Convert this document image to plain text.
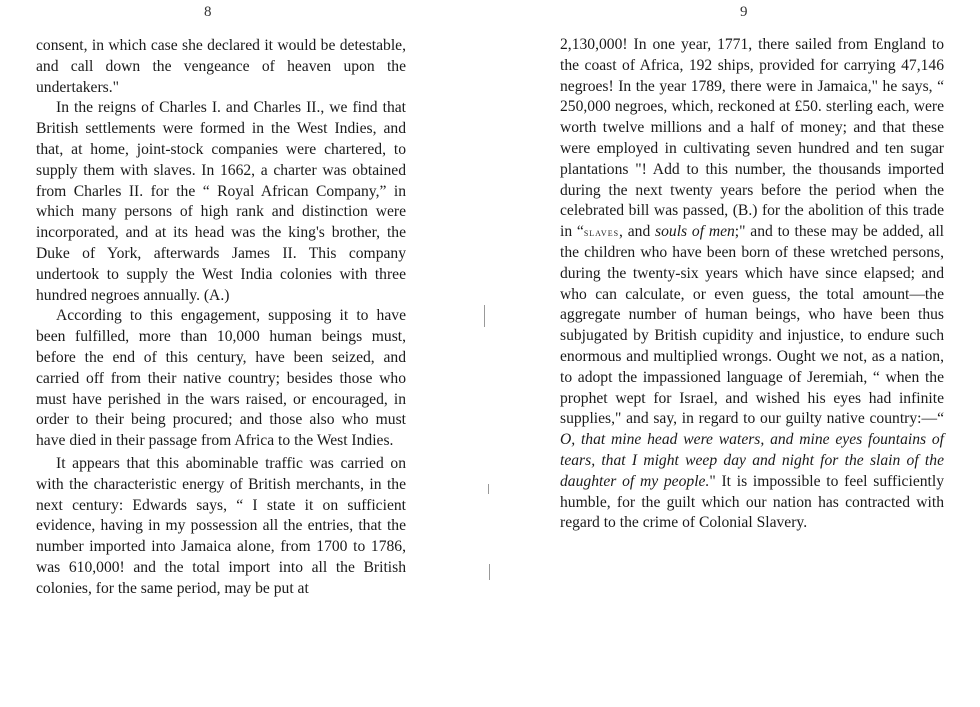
8

consent, in which case she declared it would be detestable, and call down the vengeance of heaven upon the undertakers."

In the reigns of Charles I. and Charles II., we find that British settlements were formed in the West Indies, and that, at home, joint-stock companies were chartered, to supply them with slaves. In 1662, a charter was obtained from Charles II. for the “ Royal African Company,” in which many persons of high rank and distinction were incorporated, and at its head was the king's brother, the Duke of York, afterwards James II. This company undertook to supply the West India colonies with three hundred negroes annually. (A.)

According to this engagement, supposing it to have been fulfilled, more than 10,000 human beings must, before the end of this century, have been seized, and carried off from their native country; besides those who must have perished in the wars raised, or encouraged, in order to their being procured; and those also who must have died in their passage from Africa to the West Indies.

It appears that this abominable traffic was carried on with the characteristic energy of British merchants, in the next century: Edwards says, “ I state it on sufficient evidence, having in my possession all the entries, that the number imported into Jamaica alone, from 1700 to 1786, was 610,000! and the total import into all the British colonies, for the same period, may be put at

9

2,130,000! In one year, 1771, there sailed from England to the coast of Africa, 192 ships, provided for carrying 47,146 negroes! In the year 1789, there were in Jamaica," he says, “ 250,000 negroes, which, reckoned at £50. sterling each, were worth twelve millions and a half of money; and that these were employed in cultivating seven hundred and ten sugar plantations "! Add to this number, the thousands imported during the next twenty years before the period when the celebrated bill was passed, (B.) for the abolition of this trade in “slaves, and souls of men;" and to these may be added, all the children who have been born of these wretched persons, during the twenty-six years which have since elapsed; and who can calculate, or even guess, the total amount—the aggregate number of human beings, who have been thus subjugated by British cupidity and injustice, to endure such enormous and multiplied wrongs. Ought we not, as a nation, to adopt the impassioned language of Jeremiah, “ when the prophet wept for Israel, and wished his eyes had infinite supplies," and say, in regard to our guilty native country:—“ O, that mine head were waters, and mine eyes fountains of tears, that I might weep day and night for the slain of the daughter of my people." It is impossible to feel sufficiently humble, for the guilt which our nation has contracted with regard to the crime of Colonial Slavery.
